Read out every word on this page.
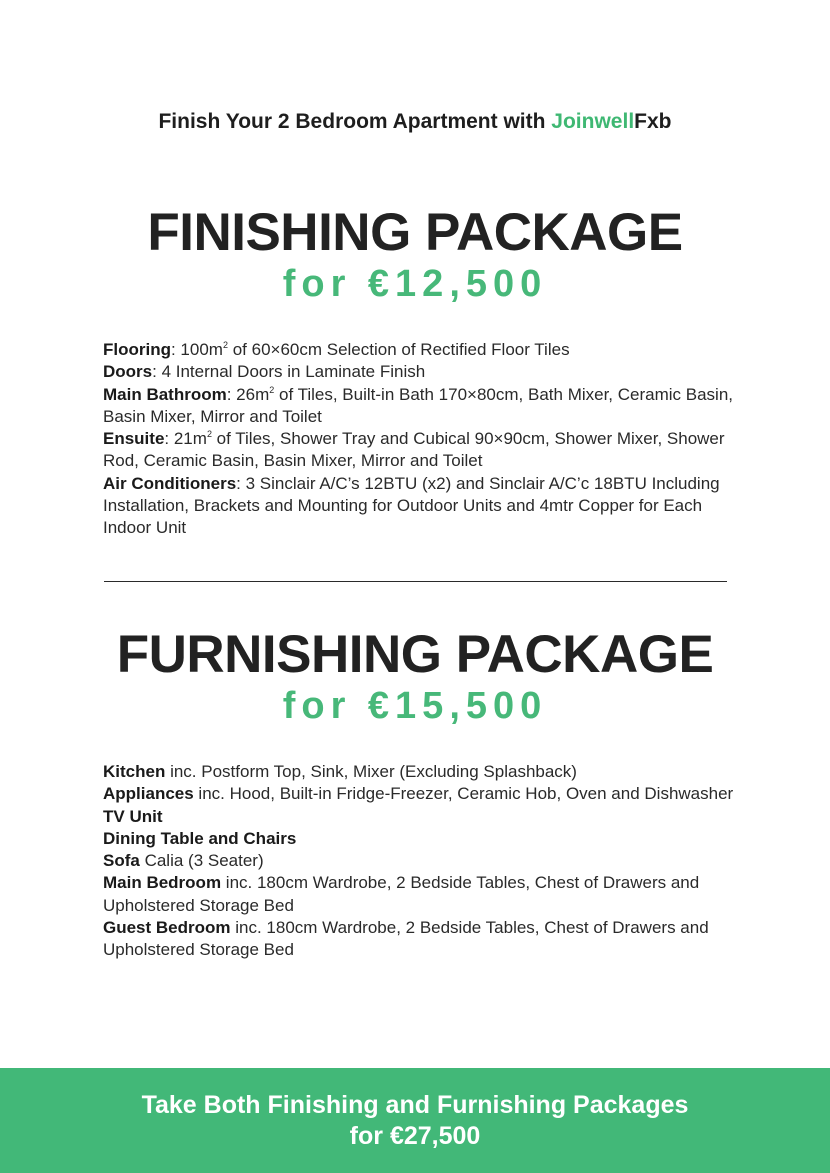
Finish Your 2 Bedroom Apartment with JoinwellFxb
FINISHING PACKAGE
for €12,500
Flooring: $100m^2$ of 60×60cm Selection of Rectified Floor Tiles
Doors: 4 Internal Doors in Laminate Finish
Main Bathroom: $26m^2$ of Tiles, Built-in Bath 170×80cm, Bath Mixer, Ceramic Basin, Basin Mixer, Mirror and Toilet
Ensuite: $21m^2$ of Tiles, Shower Tray and Cubical 90×90cm, Shower Mixer, Shower Rod, Ceramic Basin, Basin Mixer, Mirror and Toilet
Air Conditioners: 3 Sinclair A/C’s 12BTU (x2) and Sinclair A/C’c 18BTU Including Installation, Brackets and Mounting for Outdoor Units and 4mtr Copper for Each Indoor Unit
FURNISHING PACKAGE
for €15,500
Kitchen inc. Postform Top, Sink, Mixer (Excluding Splashback)
Appliances inc. Hood, Built-in Fridge-Freezer, Ceramic Hob, Oven and Dishwasher
TV Unit
Dining Table and Chairs
Sofa Calia (3 Seater)
Main Bedroom inc. 180cm Wardrobe, 2 Bedside Tables, Chest of Drawers and Upholstered Storage Bed
Guest Bedroom inc. 180cm Wardrobe, 2 Bedside Tables, Chest of Drawers and Upholstered Storage Bed
Take Both Finishing and Furnishing Packages
for €27,500
